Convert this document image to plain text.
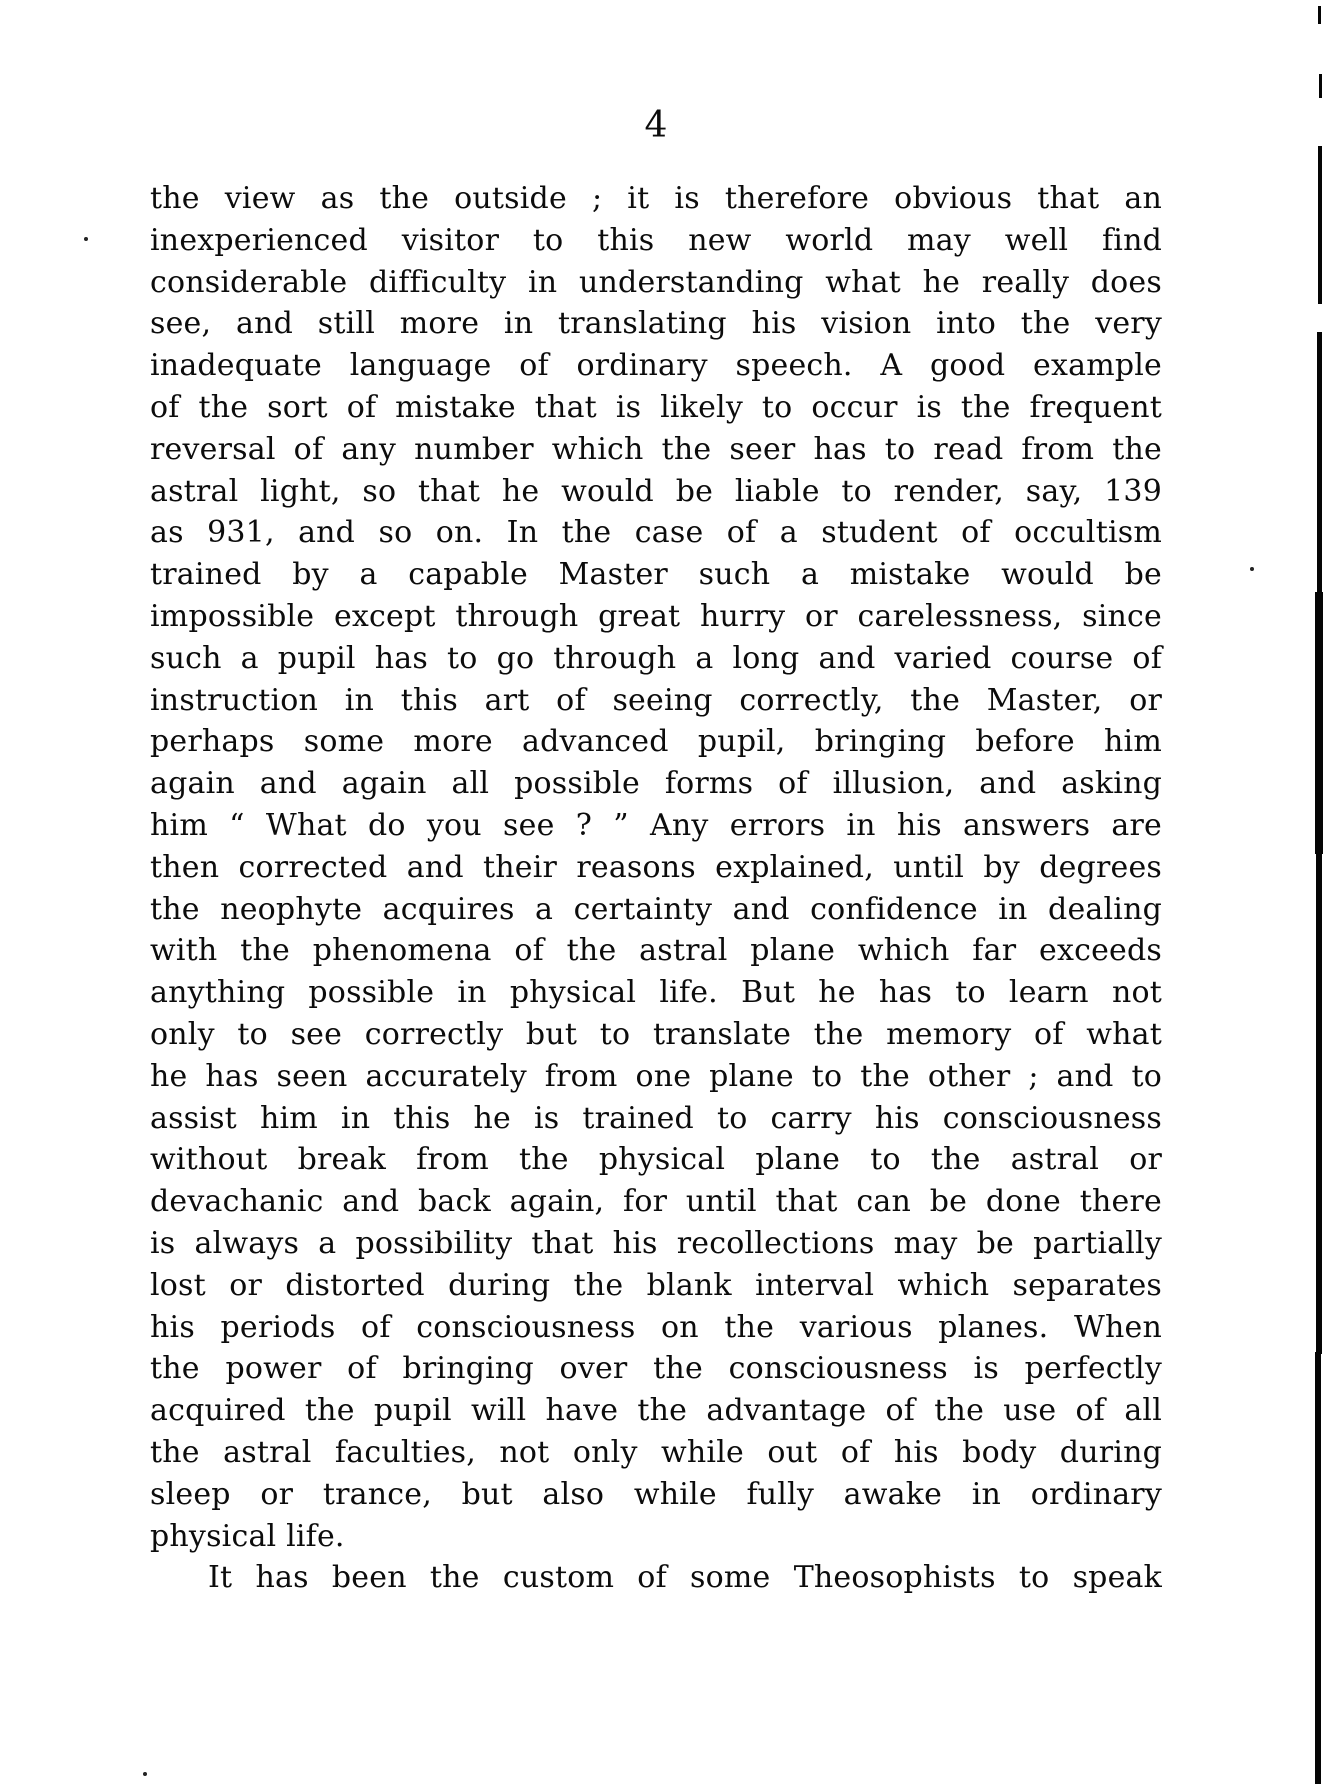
4
the view as the outside ; it is therefore obvious that an
inexperienced visitor to this new world may well find
considerable difficulty in understanding what he really does
see, and still more in translating his vision into the very
inadequate language of ordinary speech. A good example
of the sort of mistake that is likely to occur is the frequent
reversal of any number which the seer has to read from the
astral light, so that he would be liable to render, say, 139
as 931, and so on. In the case of a student of occultism
trained by a capable Master such a mistake would be
impossible except through great hurry or carelessness, since
such a pupil has to go through a long and varied course of
instruction in this art of seeing correctly, the Master, or
perhaps some more advanced pupil, bringing before him
again and again all possible forms of illusion, and asking
him “ What do you see ? ” Any errors in his answers are
then corrected and their reasons explained, until by degrees
the neophyte acquires a certainty and confidence in dealing
with the phenomena of the astral plane which far exceeds
anything possible in physical life. But he has to learn not
only to see correctly but to translate the memory of what
he has seen accurately from one plane to the other ; and to
assist him in this he is trained to carry his consciousness
without break from the physical plane to the astral or
devachanic and back again, for until that can be done there
is always a possibility that his recollections may be partially
lost or distorted during the blank interval which separates
his periods of consciousness on the various planes. When
the power of bringing over the consciousness is perfectly
acquired the pupil will have the advantage of the use of all
the astral faculties, not only while out of his body during
sleep or trance, but also while fully awake in ordinary
physical life.
It has been the custom of some Theosophists to speak
